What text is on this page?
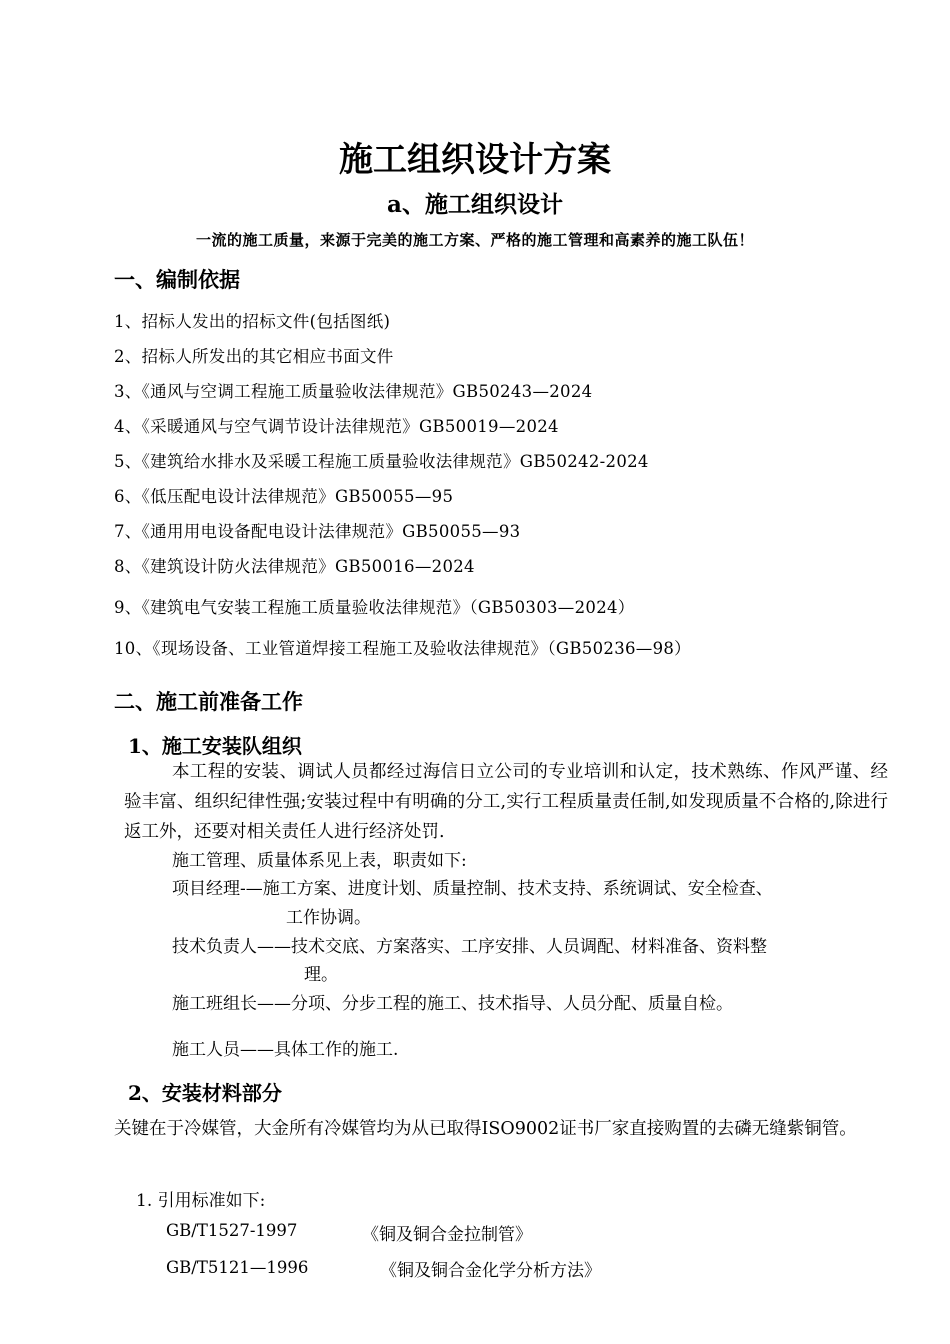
施工组织设计方案
a、施工组织设计
一流的施工质量，来源于完美的施工方案、严格的施工管理和高素养的施工队伍！
一、编制依据
1、招标人发出的招标文件(包括图纸)
2、招标人所发出的其它相应书面文件
3、《通风与空调工程施工质量验收法律规范》GB50243—2024
4、《采暖通风与空气调节设计法律规范》GB50019—2024
5、《建筑给水排水及采暖工程施工质量验收法律规范》GB50242-2024
6、《低压配电设计法律规范》GB50055—95
7、《通用用电设备配电设计法律规范》GB50055—93
8、《建筑设计防火法律规范》GB50016—2024
9、《建筑电气安装工程施工质量验收法律规范》（GB50303—2024）
10、《现场设备、工业管道焊接工程施工及验收法律规范》（GB50236—98）
二、施工前准备工作
1、施工安装队组织
本工程的安装、调试人员都经过海信日立公司的专业培训和认定，技术熟练、作风严谨、经验丰富、组织纪律性强;安装过程中有明确的分工,实行工程质量责任制,如发现质量不合格的,除进行返工外，还要对相关责任人进行经济处罚.
施工管理、质量体系见上表，职责如下:
项目经理-—施工方案、进度计划、质量控制、技术支持、系统调试、安全检查、
工作协调。
技术负责人——技术交底、方案落实、工序安排、人员调配、材料准备、资料整
理。
施工班组长——分项、分步工程的施工、技术指导、人员分配、质量自检。
施工人员——具体工作的施工.
2、安装材料部分
关键在于冷媒管，大金所有冷媒管均为从已取得ISO9002证书厂家直接购置的去磷无缝紫铜管。
1. 引用标准如下:
GB/T1527-1997	《铜及铜合金拉制管》
GB/T5121—1996	《铜及铜合金化学分析方法》
